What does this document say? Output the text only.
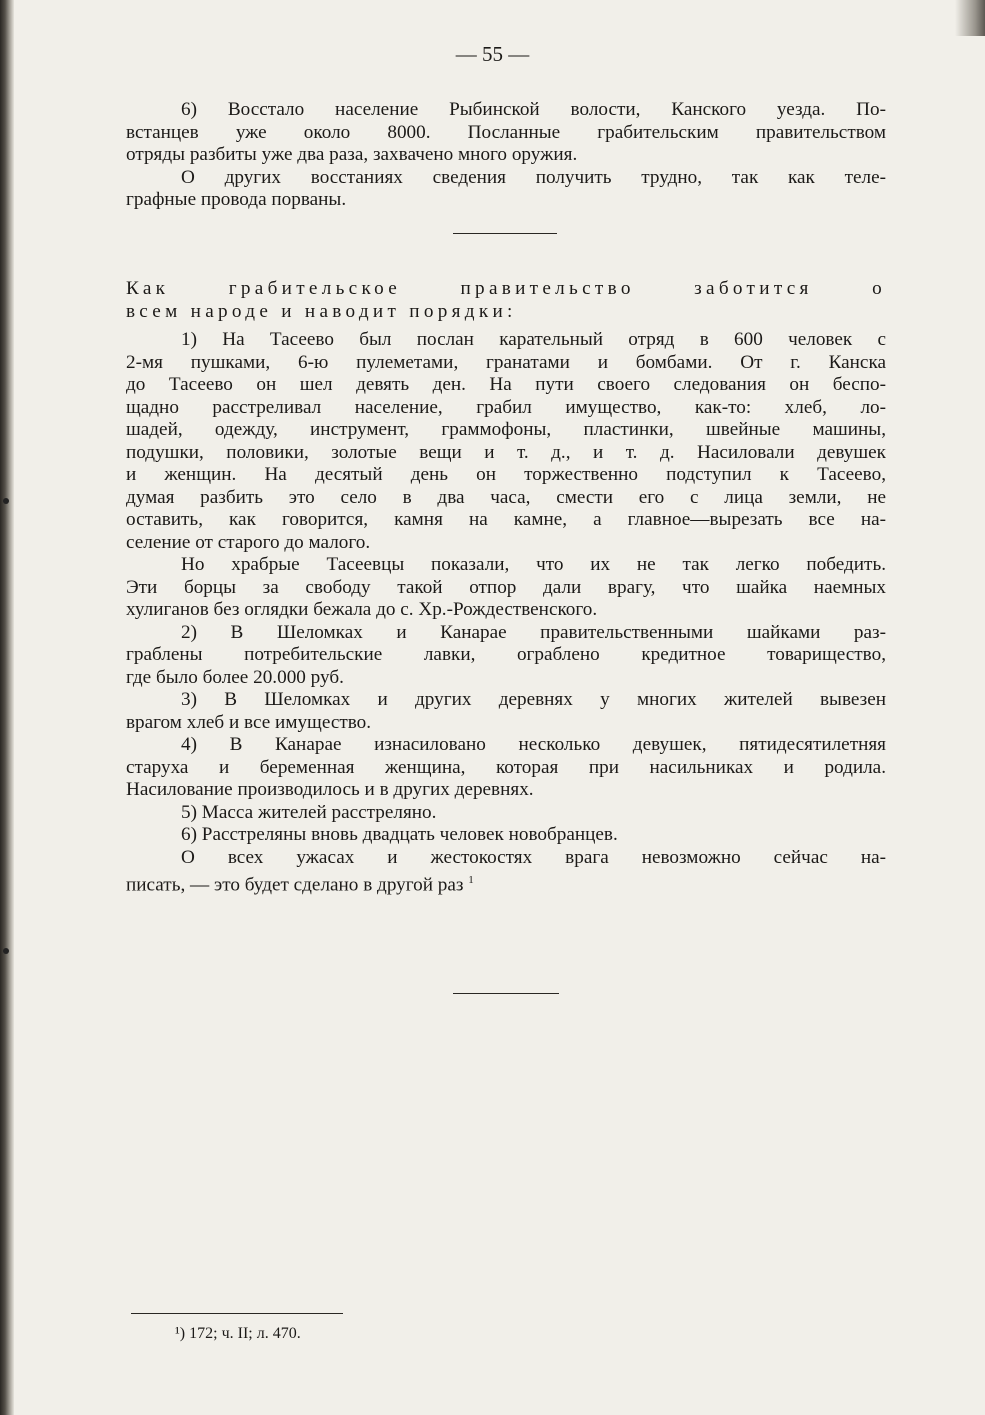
— 55 —
6) Восстало население Рыбинской волости, Канского уезда. По-
встанцев уже около 8000. Посланные грабительским правительством
отряды разбиты уже два раза, захвачено много оружия.
О других восстаниях сведения получить трудно, так как теле-
графные провода порваны.
Как грабительское правительство заботится о
всем народе и наводит порядки:
1) На Тасеево был послан карательный отряд в 600 человек с
2-мя пушками, 6-ю пулеметами, гранатами и бомбами. От г. Канска
до Тасеево он шел девять ден. На пути своего следования он беспо-
щадно расстреливал население, грабил имущество, как-то: хлеб, ло-
шадей, одежду, инструмент, граммофоны, пластинки, швейные машины,
подушки, половики, золотые вещи и т. д., и т. д. Насиловали девушек
и женщин. На десятый день он торжественно подступил к Тасеево,
думая разбить это село в два часа, смести его с лица земли, не
оставить, как говорится, камня на камне, а главное—вырезать все на-
селение от старого до малого.
Но храбрые Тасеевцы показали, что их не так легко победить.
Эти борцы за свободу такой отпор дали врагу, что шайка наемных
хулиганов без оглядки бежала до с. Хр.-Рождественского.
2) В Шеломках и Канарае правительственными шайками раз-
граблены потребительские лавки, ограблено кредитное товарищество,
где было более 20.000 руб.
3) В Шеломках и других деревнях у многих жителей вывезен
врагом хлеб и все имущество.
4) В Канарае изнасиловано несколько девушек, пятидесятилетняя
старуха и беременная женщина, которая при насильниках и родила.
Насилование производилось и в других деревнях.
5) Масса жителей расстреляно.
6) Расстреляны вновь двадцать человек новобранцев.
О всех ужасах и жестокостях врага невозможно сейчас на-
писать, — это будет сделано в другой раз $^1$
¹) 172; ч. II; л. 470.
